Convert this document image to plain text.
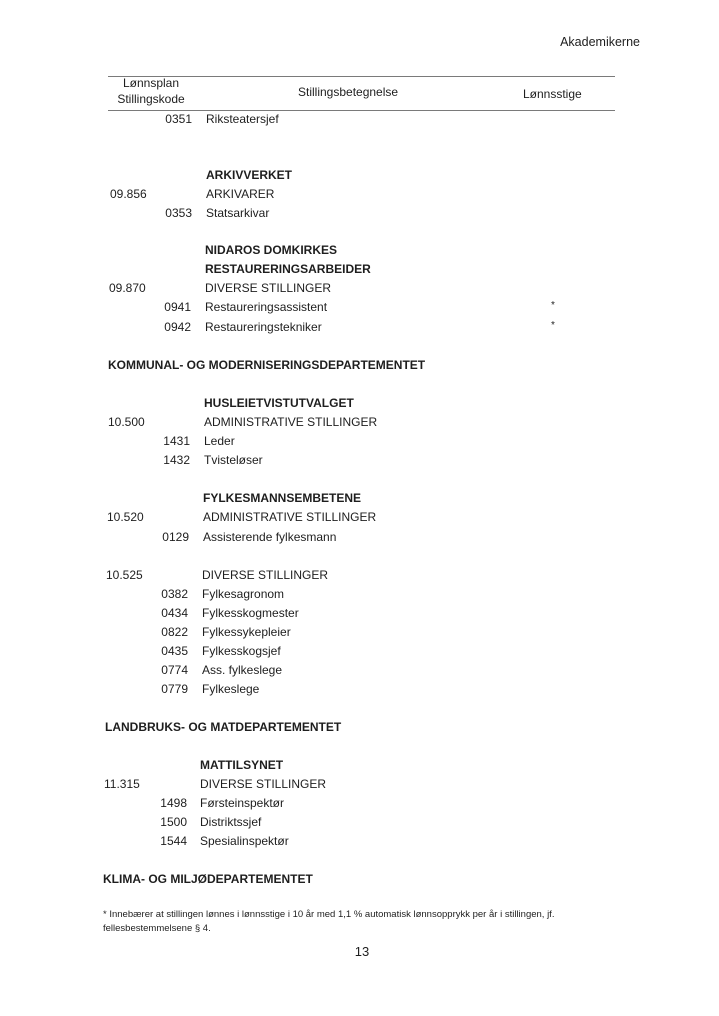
Akademikerne
Lønnsplan
Stillingskode	Stillingsbetegnelse	Lønnsstige
0351 Riksteatersjef
ARKIVVERKET
09.856	ARKIVARER
0353 Statsarkivar
NIDAROS DOMKIRKES
RESTAURERINGSARBEIDER
09.870	DIVERSE STILLINGER
0941 Restaureringsassistent	*
0942 Restaureringstekniker	*
KOMMUNAL- OG MODERNISERINGSDEPARTEMENTET
HUSLEIETVISTUTVALGET
10.500	ADMINISTRATIVE STILLINGER
1431 Leder
1432 Tvisteløser
FYLKESMANNSEMBETENE
10.520	ADMINISTRATIVE STILLINGER
0129 Assisterende fylkesmann
10.525	DIVERSE STILLINGER
0382 Fylkesagronom
0434 Fylkesskogmester
0822 Fylkessykepleier
0435 Fylkesskogsjef
0774 Ass. fylkeslege
0779 Fylkeslege
LANDBRUKS- OG MATDEPARTEMENTET
MATTILSYNET
11.315	DIVERSE STILLINGER
1498 Førsteinspektør
1500 Distriktssjef
1544 Spesialinspektør
KLIMA- OG MILJØDEPARTEMENTET
* Innebærer at stillingen lønnes i lønnsstige i 10 år med 1,1 % automatisk lønnsopprykk per år i stillingen, jf. fellesbestemmelsene § 4.
13
